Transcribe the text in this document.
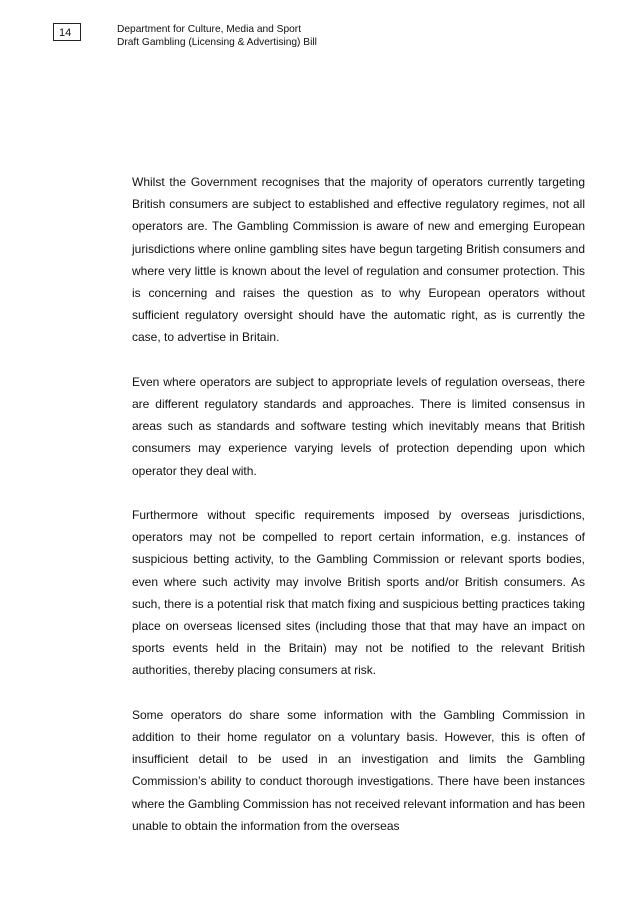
14	Department for Culture, Media and Sport
Draft Gambling (Licensing & Advertising) Bill

Whilst the Government recognises that the majority of operators currently targeting British consumers are subject to established and effective regulatory regimes, not all operators are. The Gambling Commission is aware of new and emerging European jurisdictions where online gambling sites have begun targeting British consumers and where very little is known about the level of regulation and consumer protection. This is concerning and raises the question as to why European operators without sufficient regulatory oversight should have the automatic right, as is currently the case, to advertise in Britain.

Even where operators are subject to appropriate levels of regulation overseas, there are different regulatory standards and approaches. There is limited consensus in areas such as standards and software testing which inevitably means that British consumers may experience varying levels of protection depending upon which operator they deal with.

Furthermore without specific requirements imposed by overseas jurisdictions, operators may not be compelled to report certain information, e.g. instances of suspicious betting activity, to the Gambling Commission or relevant sports bodies, even where such activity may involve British sports and/or British consumers. As such, there is a potential risk that match fixing and suspicious betting practices taking place on overseas licensed sites (including those that that may have an impact on sports events held in the Britain) may not be notified to the relevant British authorities, thereby placing consumers at risk.

Some operators do share some information with the Gambling Commission in addition to their home regulator on a voluntary basis. However, this is often of insufficient detail to be used in an investigation and limits the Gambling Commission’s ability to conduct thorough investigations. There have been instances where the Gambling Commission has not received relevant information and has been unable to obtain the information from the overseas
